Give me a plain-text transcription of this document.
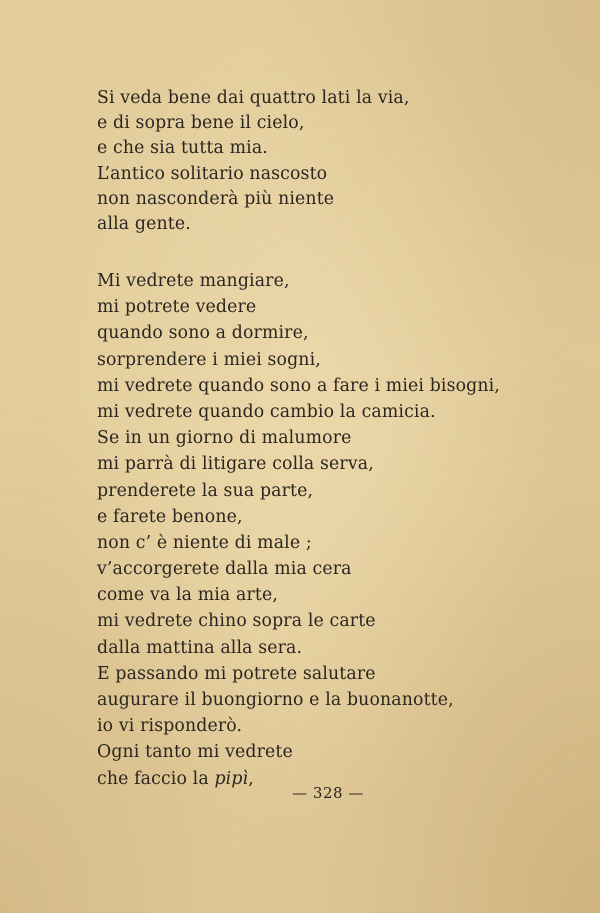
Si veda bene dai quattro lati la via,
e di sopra bene il cielo,
e che sia tutta mia.
L’antico solitario nascosto
non nasconderà più niente
alla gente.
Mi vedrete mangiare,
mi potrete vedere
quando sono a dormire,
sorprendere i miei sogni,
mi vedrete quando sono a fare i miei bisogni,
mi vedrete quando cambio la camicia.
Se in un giorno di malumore
mi parrà di litigare colla serva,
prenderete la sua parte,
e farete benone,
non c’ è niente di male ;
v’accorgerete dalla mia cera
come va la mia arte,
mi vedrete chino sopra le carte
dalla mattina alla sera.
E passando mi potrete salutare
augurare il buongiorno e la buonanotte,
io vi risponderò.
Ogni tanto mi vedrete
che faccio la pipì,
— 328 —
